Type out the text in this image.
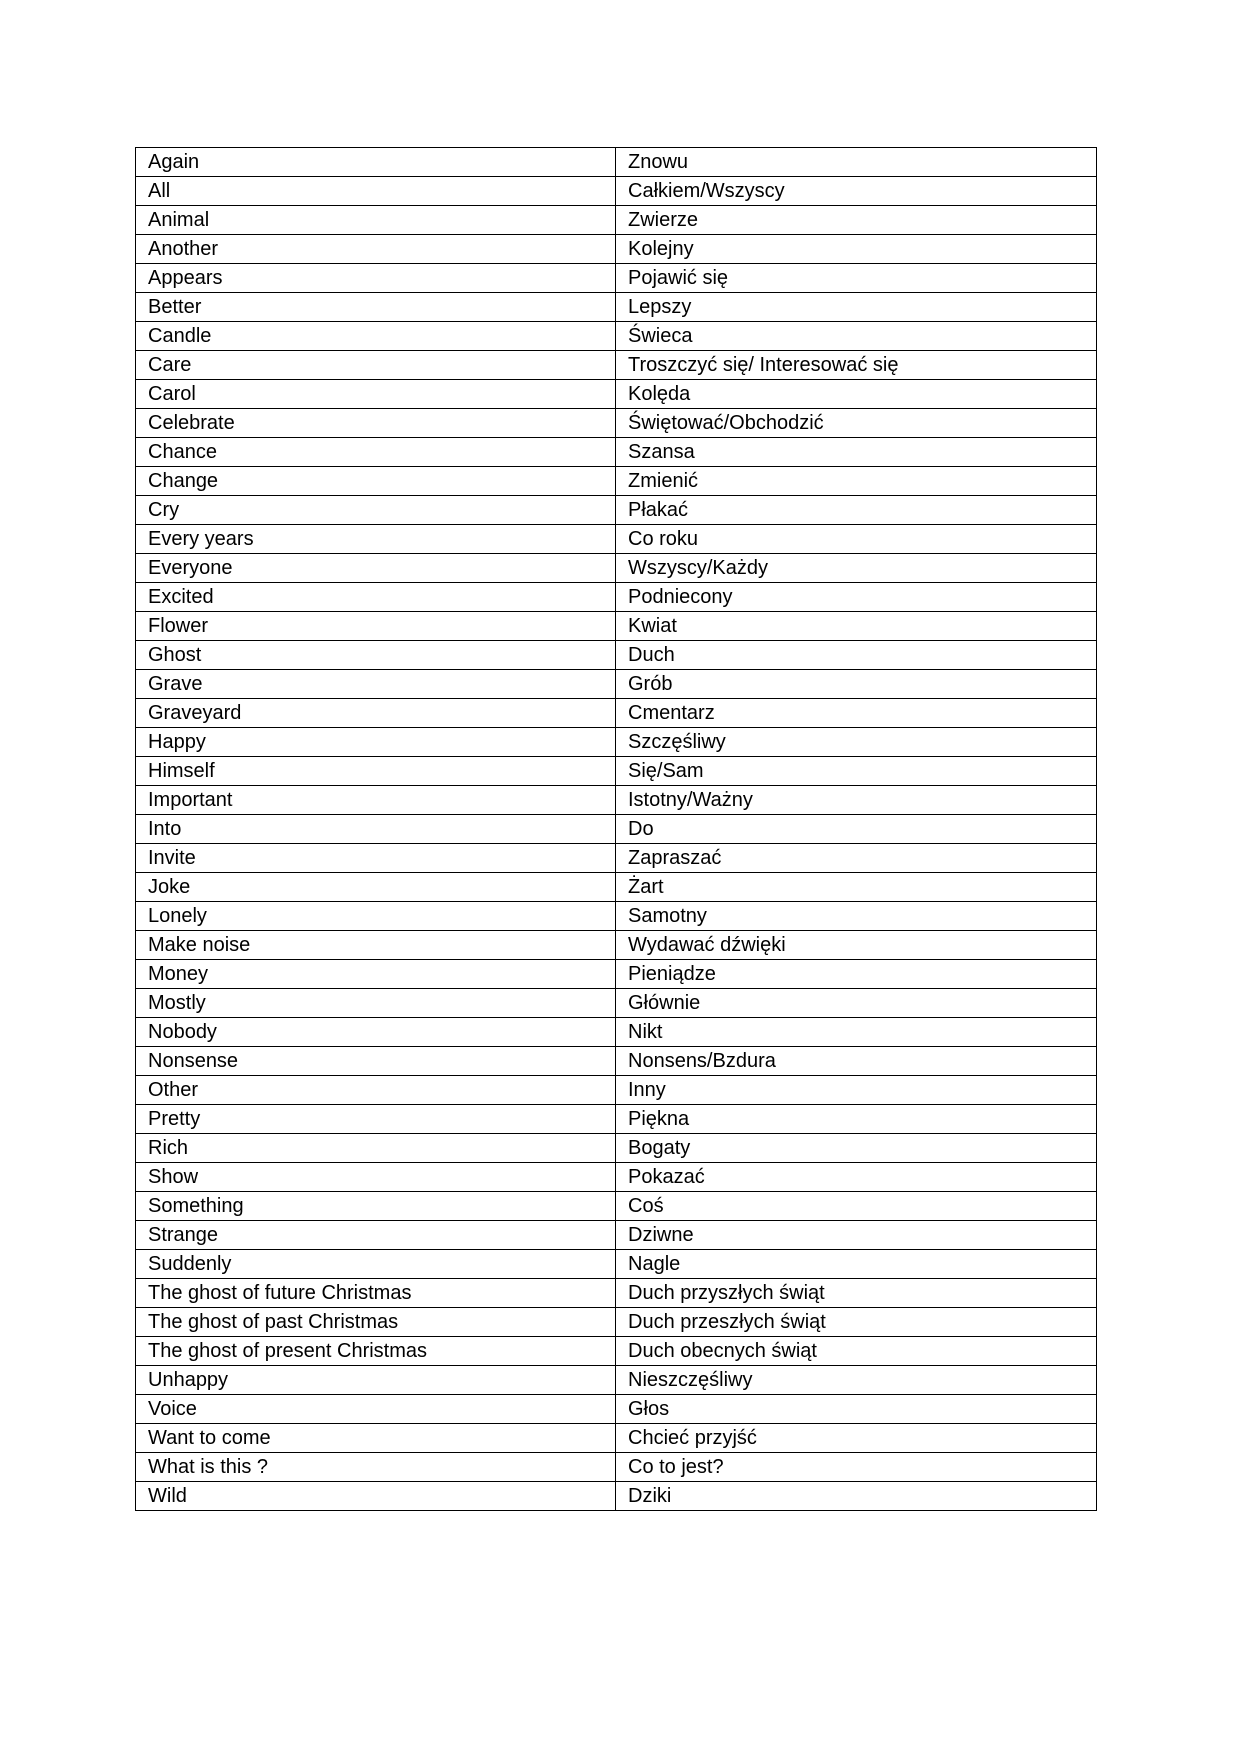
Again	Znowu
All	Całkiem/Wszyscy
Animal	Zwierze
Another	Kolejny
Appears	Pojawić się
Better	Lepszy
Candle	Świeca
Care	Troszczyć się/ Interesować się
Carol	Kolęda
Celebrate	Świętować/Obchodzić
Chance	Szansa
Change	Zmienić
Cry	Płakać
Every years	Co roku
Everyone	Wszyscy/Każdy
Excited	Podniecony
Flower	Kwiat
Ghost	Duch
Grave	Grób
Graveyard	Cmentarz
Happy	Szczęśliwy
Himself	Się/Sam
Important	Istotny/Ważny
Into	Do
Invite	Zapraszać
Joke	Żart
Lonely	Samotny
Make noise	Wydawać dźwięki
Money	Pieniądze
Mostly	Głównie
Nobody	Nikt
Nonsense	Nonsens/Bzdura
Other	Inny
Pretty	Piękna
Rich	Bogaty
Show	Pokazać
Something	Coś
Strange	Dziwne
Suddenly	Nagle
The ghost of future Christmas	Duch przyszłych świąt
The ghost of past Christmas	Duch przeszłych świąt
The ghost of present Christmas	Duch obecnych świąt
Unhappy	Nieszczęśliwy
Voice	Głos
Want to come	Chcieć przyjść
What is this ?	Co to jest?
Wild	Dziki
